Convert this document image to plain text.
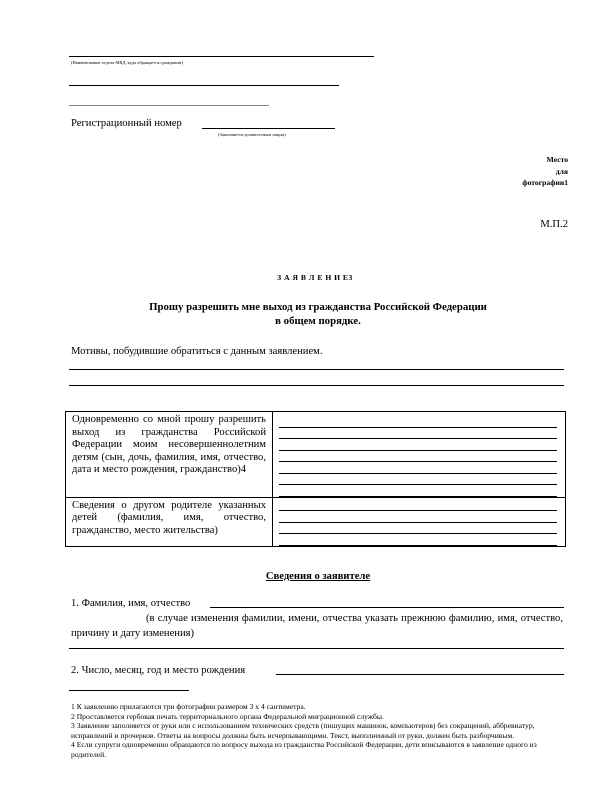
(Наименование отдела МВД, куда обращается гражданин)
Регистрационный номер
(Заполняется должностным лицом)
Место
для
фотографии1
М.П.2
З А Я В Л Е Н И Е3
Прошу разрешить мне выход из гражданства Российской Федерации
в общем порядке.
Мотивы, побудившие обратиться с данным заявлением.
Одновременно со мной прошу разрешить выход из гражданства Российской Федерации моим несовершеннолетним детям (сын, дочь, фамилия, имя, отчество, дата и место рождения, гражданство)4	

Сведения о другом родителе указанных детей (фамилия, имя, отчество, гражданство, место жительства)	

Сведения о заявителе
1. Фамилия, имя, отчество
(в случае изменения фамилии, имени, отчества указать прежнюю фамилию, имя, отчество, причину и дату изменения)
2. Число, месяц, год и место рождения
1 К заявлению прилагаются три фотографии размером 3 х 4 сантиметра.
2 Проставляется гербовая печать территориального органа Федеральной миграционной службы.
3 Заявление заполняется от руки или с использованием технических средств (пишущих машинок, компьютеров) без сокращений, аббревиатур, исправлений и прочерков. Ответы на вопросы должны быть исчерпывающими. Текст, выполненный от руки, должен быть разборчивым.
4 Если супруги одновременно обращаются по вопросу выхода из гражданства Российской Федерации, дети вписываются в заявление одного из родителей.
